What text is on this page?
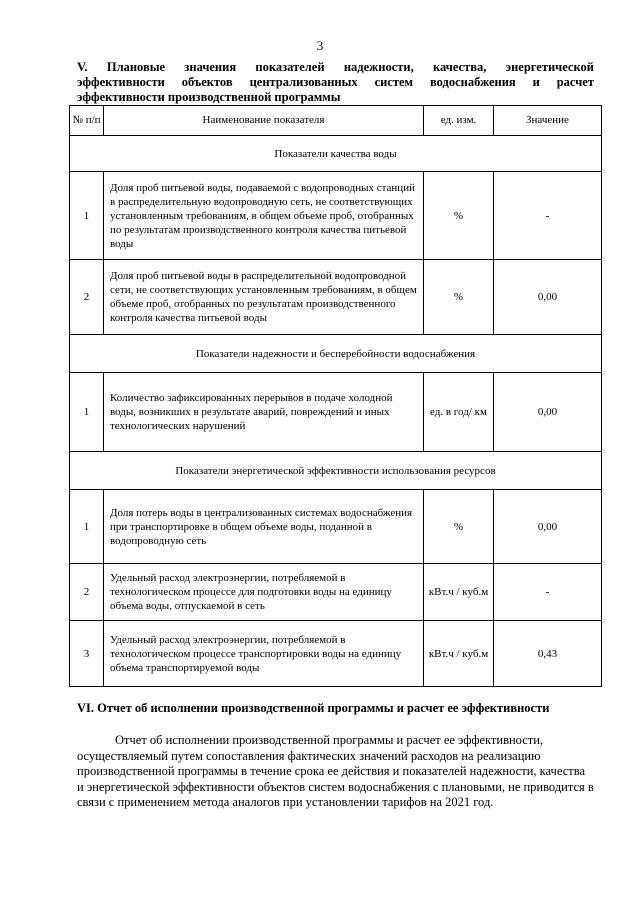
3
V. Плановые значения показателей надежности, качества, энергетической
эффективности объектов централизованных систем водоснабжения и расчет
эффективности производственной программы
№ п/п	Наименование показателя	ед. изм.	Значение
Показатели качества воды			
1	Доля проб питьевой воды, подаваемой с водопроводных станций в распределительную водопроводную сеть, не соответствующих установленным требованиям, в общем объеме проб, отобранных по результатам производственного контроля качества питьевой воды	%	-
2	Доля проб питьевой воды в распределительной водопроводной сети, не соответствующих установленным требованиям, в общем объеме проб, отобранных по результатам производственного контроля качества питьевой воды	%	0,00
Показатели надежности и бесперебойности водоснабжения			
1	Количество зафиксированных перерывов в подаче холодной воды, возникших в результате аварий, повреждений и иных технологических нарушений	ед. в год/ км	0,00
Показатели энергетической эффективности использования ресурсов			
1	Доля потерь воды в централизованных системах водоснабжения при транспортировке в общем объеме воды, поданной в водопроводную сеть	%	0,00
2	Удельный расход электроэнергии, потребляемой в технологическом процессе для подготовки воды на единицу объема воды, отпускаемой в сеть	кВт.ч / куб.м	-
3	Удельный расход электроэнергии, потребляемой в технологическом процессе транспортировки воды на единицу объема транспортируемой воды	кВт.ч / куб.м	0,43
VI. Отчет об исполнении производственной программы и расчет ее эффективности
Отчет об исполнении производственной программы и расчет ее эффективности, осуществляемый путем сопоставления фактических значений расходов на реализацию производственной программы в течение срока ее действия и показателей надежности, качества и энергетической эффективности объектов систем водоснабжения с плановыми, не приводится в связи с применением метода аналогов при установлении тарифов на 2021 год.
